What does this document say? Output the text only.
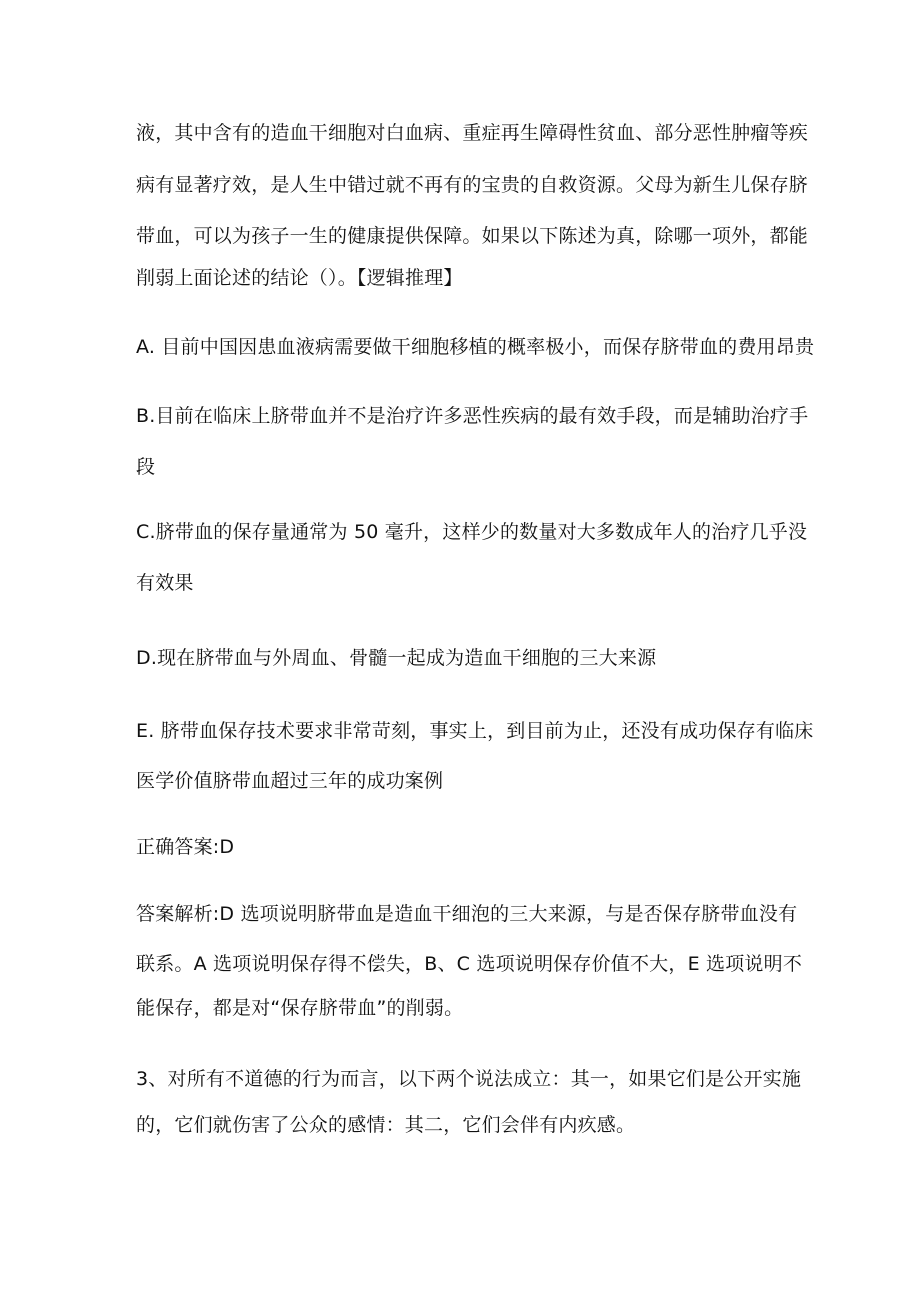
液，其中含有的造血干细胞对白血病、重症再生障碍性贫血、部分恶性肿瘤等疾
病有显著疗效，是人生中错过就不再有的宝贵的自救资源。父母为新生儿保存脐
带血，可以为孩子一生的健康提供保障。如果以下陈述为真，除哪一项外，都能
削弱上面论述的结论（）。【逻辑推理】
A. 目前中国因患血液病需要做干细胞移植的概率极小，而保存脐带血的费用昂贵
B.目前在临床上脐带血并不是治疗许多恶性疾病的最有效手段，而是辅助治疗手
段
C.脐带血的保存量通常为 50 毫升，这样少的数量对大多数成年人的治疗几乎没
有效果
D.现在脐带血与外周血、骨髓一起成为造血干细胞的三大来源
E. 脐带血保存技术要求非常苛刻，事实上，到目前为止，还没有成功保存有临床
医学价值脐带血超过三年的成功案例
正确答案:D
答案解析:D 选项说明脐带血是造血干细泡的三大来源，与是否保存脐带血没有
联系。A 选项说明保存得不偿失，B、C 选项说明保存价值不大，E 选项说明不
能保存，都是对“保存脐带血”的削弱。
3、对所有不道德的行为而言，以下两个说法成立：其一，如果它们是公开实施
的，它们就伤害了公众的感情：其二，它们会伴有内疚感。
